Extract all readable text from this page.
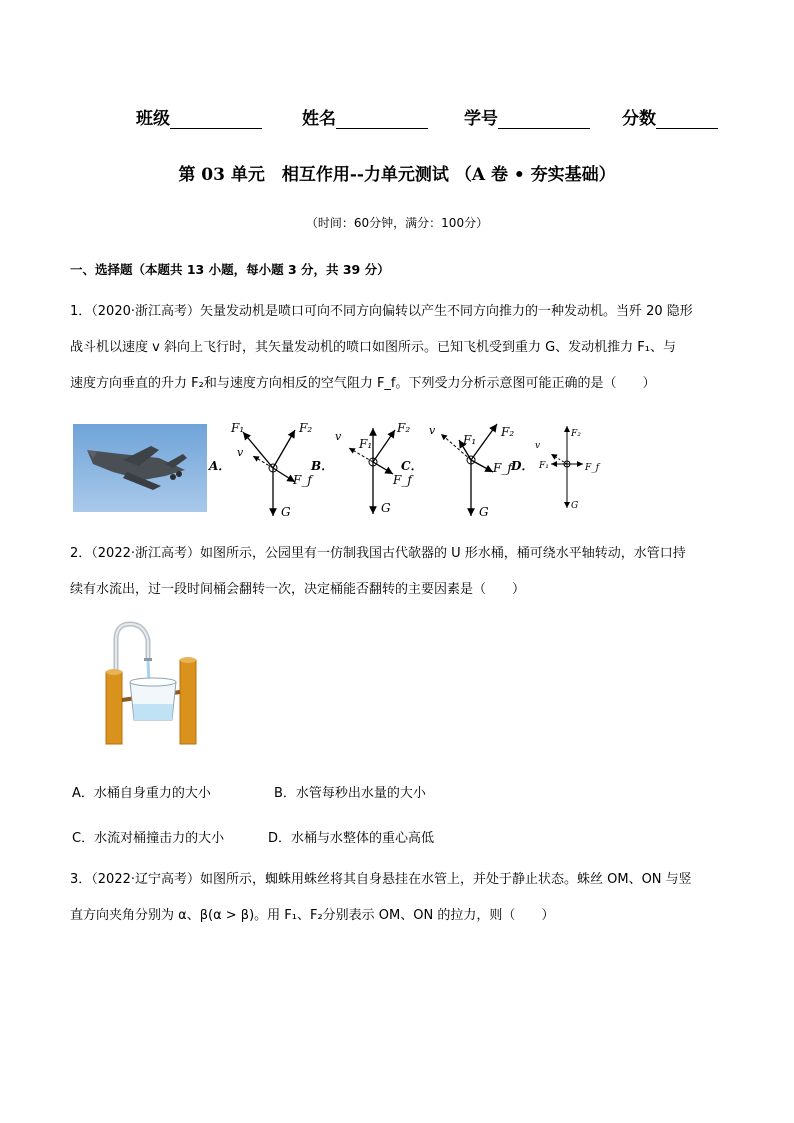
班级	姓名	学号	分数
第 03 单元　相互作用--力单元测试 （A 卷 • 夯实基础）
（时间：60分钟，满分：100分）
一、选择题（本题共 13 小题，每小题 3 分，共 39 分）
1．（2020·浙江高考）矢量发动机是喷口可向不同方向偏转以产生不同方向推力的一种发动机。当歼 20 隐形
战斗机以速度 v 斜向上飞行时，其矢量发动机的喷口如图所示。已知飞机受到重力 G、发动机推力 F₁、与
速度方向垂直的升力 F₂和与速度方向相反的空气阻力 F_f。下列受力分析示意图可能正确的是（　　）
A．
F₁	F₂
v
F_f
G
B．
F₁
F₂
v
F_f
G
C．
F₁
F₂
v
F_f
G
D．
F₂
F₁	F_f
v
G
2．（2022·浙江高考）如图所示，公园里有一仿制我国古代欹器的 U 形水桶，桶可绕水平轴转动，水管口持
续有水流出，过一段时间桶会翻转一次，决定桶能否翻转的主要因素是（　　）
A．水桶自身重力的大小	B．水管每秒出水量的大小
C．水流对桶撞击力的大小	D．水桶与水整体的重心高低
3．（2022·辽宁高考）如图所示，蜘蛛用蛛丝将其自身悬挂在水管上，并处于静止状态。蛛丝 OM、ON 与竖
直方向夹角分别为 α、β(α > β)。用 F₁、F₂分别表示 OM、ON 的拉力，则（　　）
